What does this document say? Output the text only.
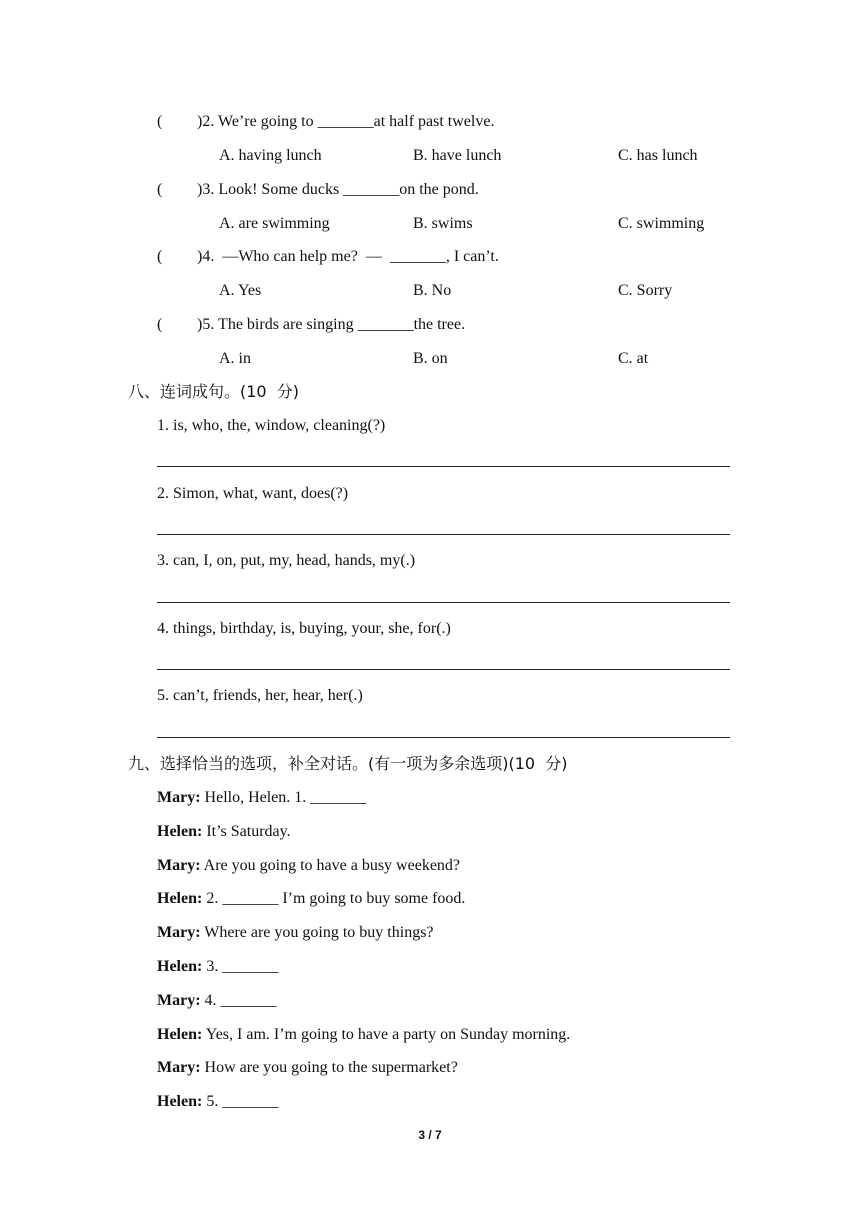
( )2. We’re going to _______at half past twelve.
A. having lunch	B. have lunch	C. has lunch
( )3. Look! Some ducks _______on the pond.
A. are swimming	B. swims	C. swimming
( )4.  —Who can help me?  —  _______, I can’t.
A. Yes	B. No	C. Sorry
( )5. The birds are singing _______the tree.
A. in	B. on	C. at
八、连词成句。(10  分)
1. is, who, the, window, cleaning(?)
2. Simon, what, want, does(?)
3. can, I, on, put, my, head, hands, my(.)
4. things, birthday, is, buying, your, she, for(.)
5. can’t, friends, her, hear, her(.)
九、选择恰当的选项，补全对话。(有一项为多余选项)(10  分)
Mary: Hello, Helen. 1. _______
Helen: It’s Saturday.
Mary: Are you going to have a busy weekend?
Helen: 2. _______ I’m going to buy some food.
Mary: Where are you going to buy things?
Helen: 3. _______
Mary: 4. _______
Helen: Yes, I am. I’m going to have a party on Sunday morning.
Mary: How are you going to the supermarket?
Helen: 5. _______
3 / 7
